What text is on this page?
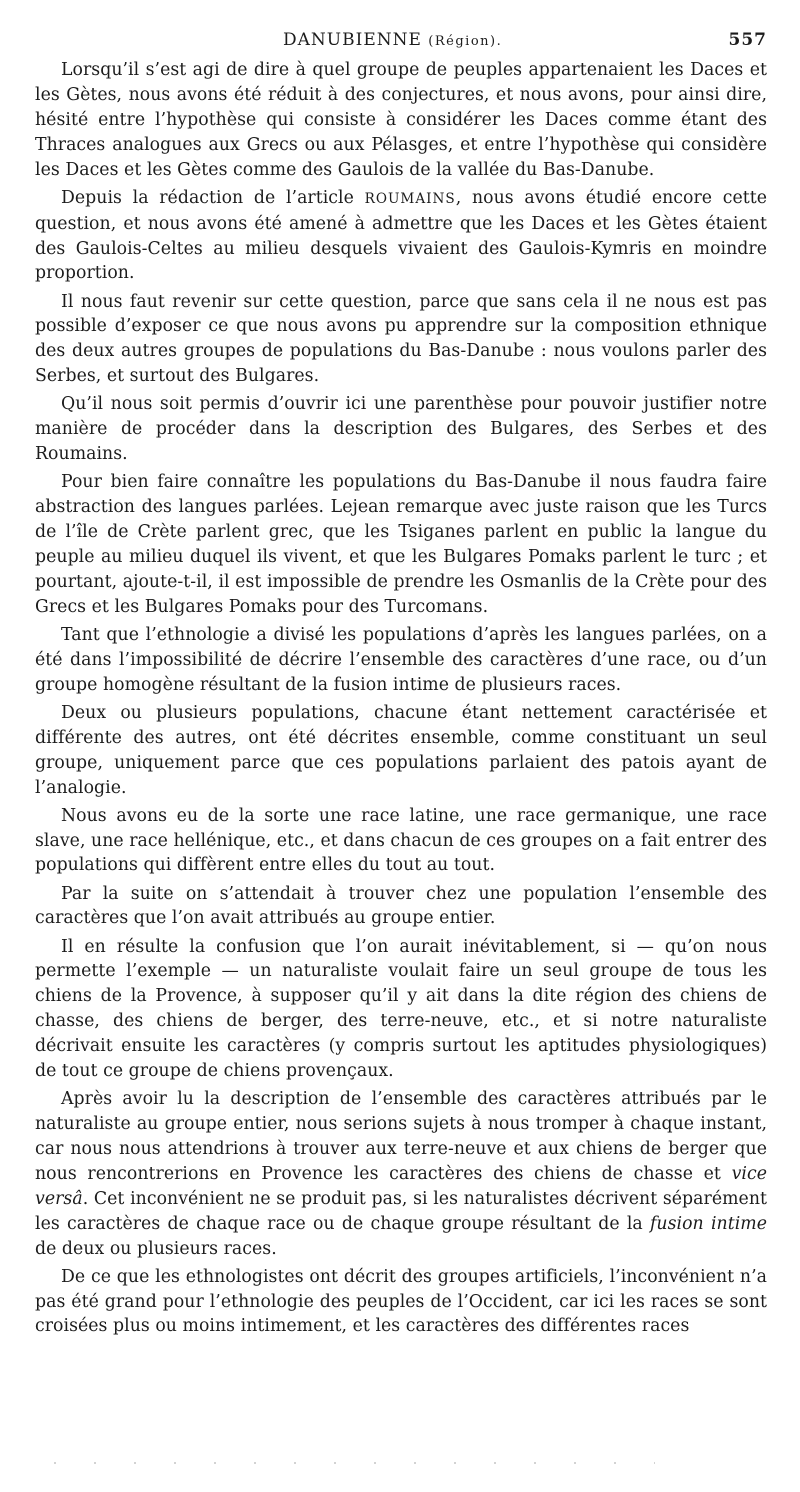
DANUBIENNE (Région).	557

Lorsqu’il s’est agi de dire à quel groupe de peuples appartenaient les Daces et les Gètes, nous avons été réduit à des conjectures, et nous avons, pour ainsi dire, hésité entre l’hypothèse qui consiste à considérer les Daces comme étant des Thraces analogues aux Grecs ou aux Pélasges, et entre l’hypothèse qui considère les Daces et les Gètes comme des Gaulois de la vallée du Bas-Danube.

Depuis la rédaction de l’article ROUMAINS, nous avons étudié encore cette question, et nous avons été amené à admettre que les Daces et les Gètes étaient des Gaulois-Celtes au milieu desquels vivaient des Gaulois-Kymris en moindre proportion.

Il nous faut revenir sur cette question, parce que sans cela il ne nous est pas possible d’exposer ce que nous avons pu apprendre sur la composition ethnique des deux autres groupes de populations du Bas-Danube : nous voulons parler des Serbes, et surtout des Bulgares.

Qu’il nous soit permis d’ouvrir ici une parenthèse pour pouvoir justifier notre manière de procéder dans la description des Bulgares, des Serbes et des Roumains.

Pour bien faire connaître les populations du Bas-Danube il nous faudra faire abstraction des langues parlées. Lejean remarque avec juste raison que les Turcs de l’île de Crète parlent grec, que les Tsiganes parlent en public la langue du peuple au milieu duquel ils vivent, et que les Bulgares Pomaks parlent le turc ; et pourtant, ajoute-t-il, il est impossible de prendre les Osmanlis de la Crète pour des Grecs et les Bulgares Pomaks pour des Turcomans.

Tant que l’ethnologie a divisé les populations d’après les langues parlées, on a été dans l’impossibilité de décrire l’ensemble des caractères d’une race, ou d’un groupe homogène résultant de la fusion intime de plusieurs races.

Deux ou plusieurs populations, chacune étant nettement caractérisée et différente des autres, ont été décrites ensemble, comme constituant un seul groupe, uniquement parce que ces populations parlaient des patois ayant de l’analogie.

Nous avons eu de la sorte une race latine, une race germanique, une race slave, une race hellénique, etc., et dans chacun de ces groupes on a fait entrer des populations qui diffèrent entre elles du tout au tout.

Par la suite on s’attendait à trouver chez une population l’ensemble des caractères que l’on avait attribués au groupe entier.

Il en résulte la confusion que l’on aurait inévitablement, si — qu’on nous permette l’exemple — un naturaliste voulait faire un seul groupe de tous les chiens de la Provence, à supposer qu’il y ait dans la dite région des chiens de chasse, des chiens de berger, des terre-neuve, etc., et si notre naturaliste décrivait ensuite les caractères (y compris surtout les aptitudes physiologiques) de tout ce groupe de chiens provençaux.

Après avoir lu la description de l’ensemble des caractères attribués par le naturaliste au groupe entier, nous serions sujets à nous tromper à chaque instant, car nous nous attendrions à trouver aux terre-neuve et aux chiens de berger que nous rencontrerions en Provence les caractères des chiens de chasse et vice versâ. Cet inconvénient ne se produit pas, si les naturalistes décrivent séparément les caractères de chaque race ou de chaque groupe résultant de la fusion intime de deux ou plusieurs races.

De ce que les ethnologistes ont décrit des groupes artificiels, l’inconvénient n’a pas été grand pour l’ethnologie des peuples de l’Occident, car ici les races se sont croisées plus ou moins intimement, et les caractères des différentes races
